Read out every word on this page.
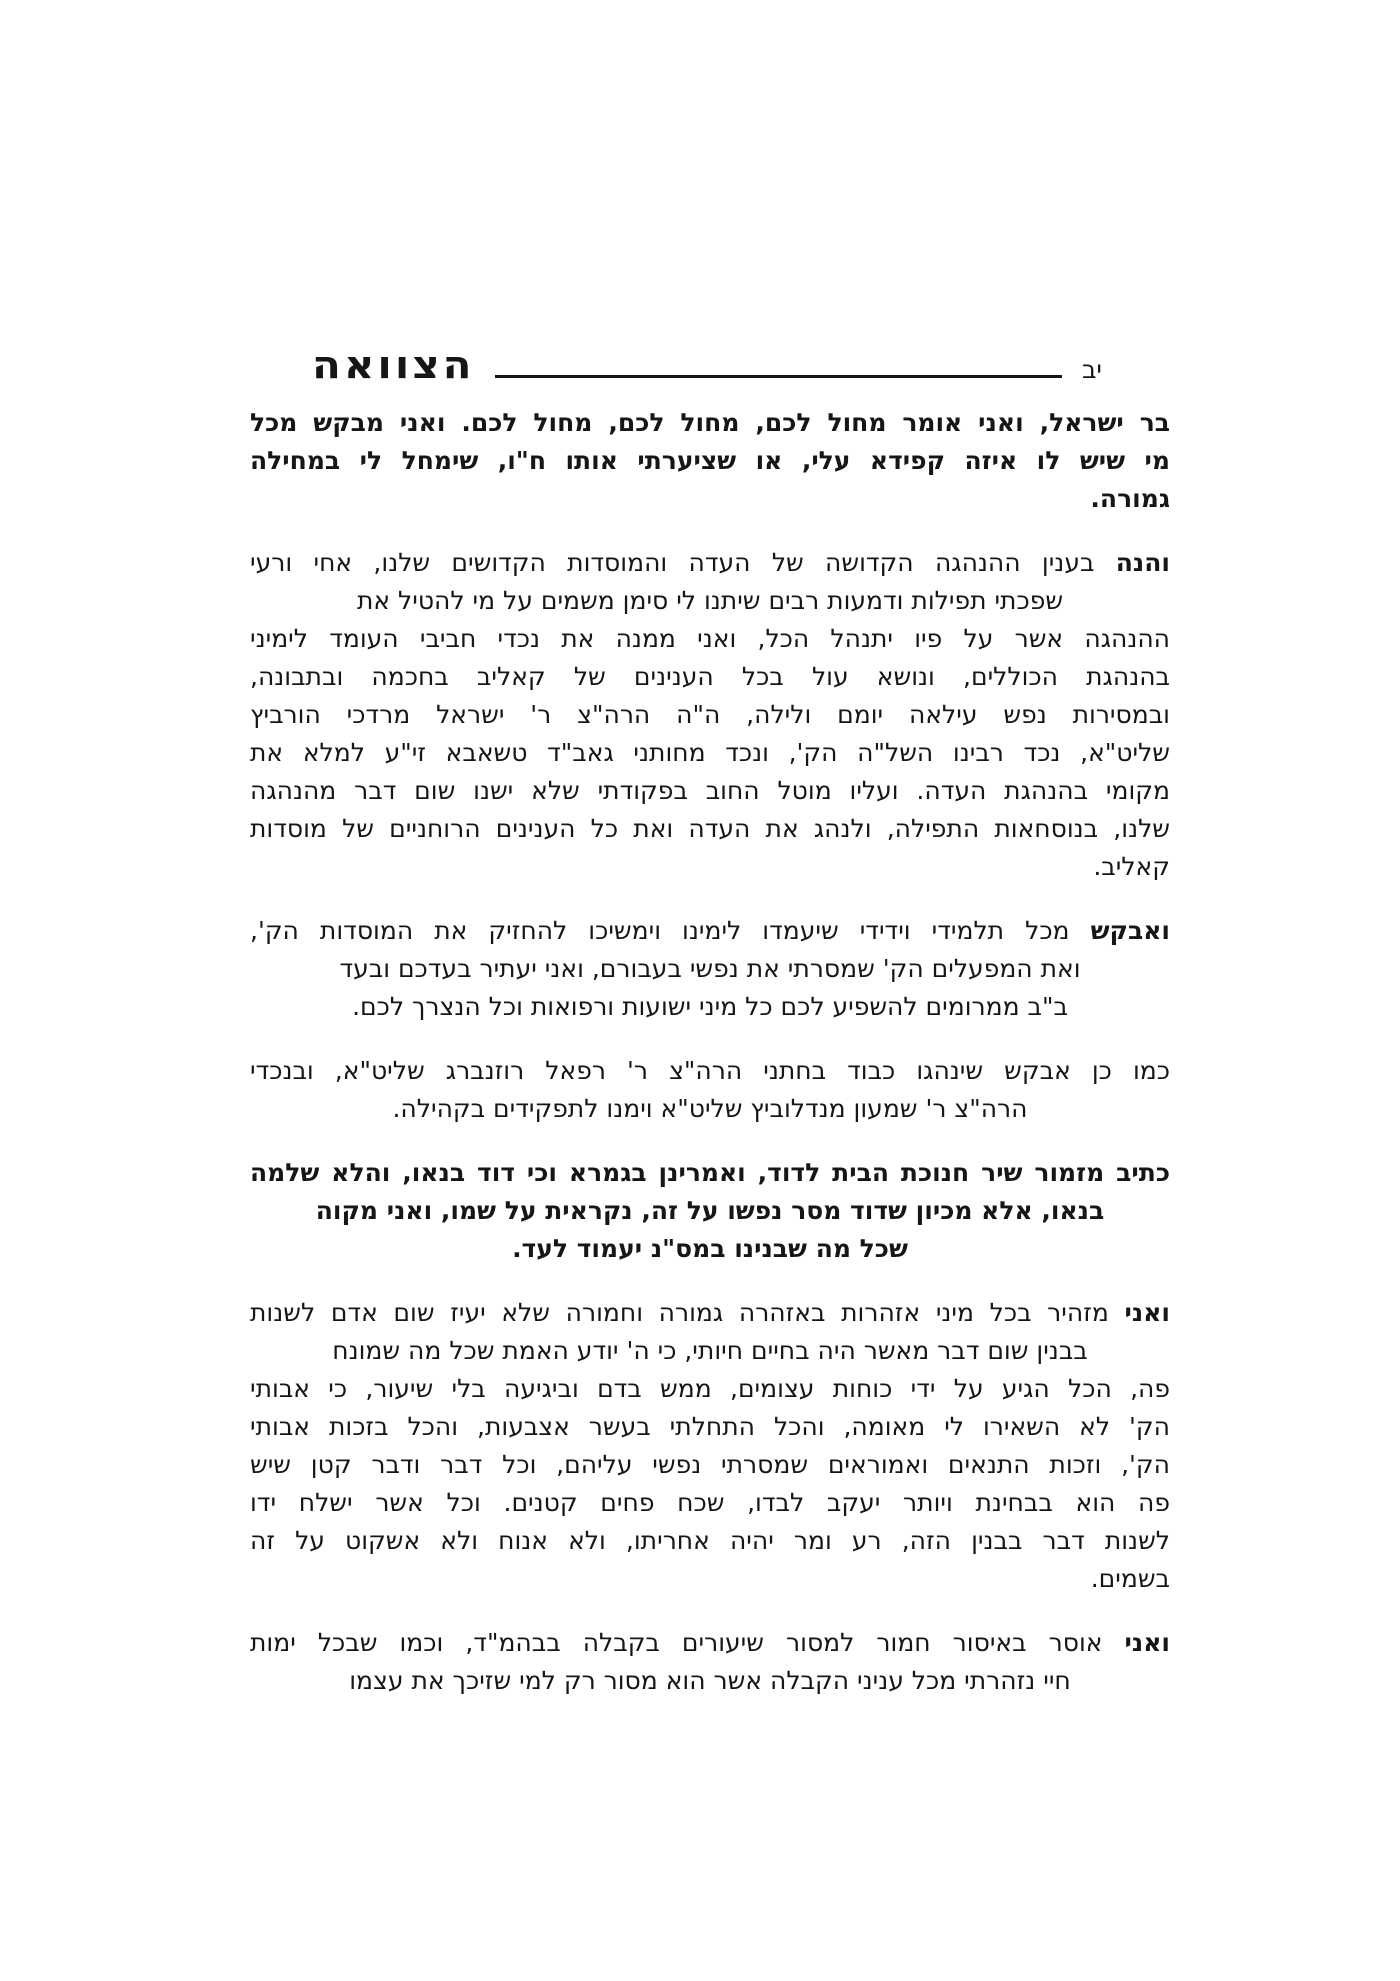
הצוואה	יב
בר ישראל, ואני אומר מחול לכם, מחול לכם, מחול לכם. ואני מבקש מכל
מי שיש לו איזה קפידא עלי, או שציערתי אותו ח"ו, שימחל לי במחילה
גמורה.
והנה בענין ההנהגה הקדושה של העדה והמוסדות הקדושים שלנו, אחי ורעי
שפכתי תפילות ודמעות רבים שיתנו לי סימן משמים על מי להטיל את
ההנהגה אשר על פיו יתנהל הכל, ואני ממנה את נכדי חביבי העומד לימיני
בהנהגת הכוללים, ונושא עול בכל הענינים של קאליב בחכמה ובתבונה,
ובמסירות נפש עילאה יומם ולילה, ה"ה הרה"צ ר' ישראל מרדכי הורביץ
שליט"א, נכד רבינו השל"ה הק', ונכד מחותני גאב"ד טשאבא זי"ע למלא את
מקומי בהנהגת העדה. ועליו מוטל החוב בפקודתי שלא ישנו שום דבר מהנהגה
שלנו, בנוסחאות התפילה, ולנהג את העדה ואת כל הענינים הרוחניים של מוסדות
קאליב.
ואבקש מכל תלמידי וידידי שיעמדו לימינו וימשיכו להחזיק את המוסדות הק',
ואת המפעלים הק' שמסרתי את נפשי בעבורם, ואני יעתיר בעדכם ובעד
ב"ב ממרומים להשפיע לכם כל מיני ישועות ורפואות וכל הנצרך לכם.
כמו כן אבקש שינהגו כבוד בחתני הרה"צ ר' רפאל רוזנברג שליט"א, ובנכדי
הרה"צ ר' שמעון מנדלוביץ שליט"א וימנו לתפקידים בקהילה.
כתיב מזמור שיר חנוכת הבית לדוד, ואמרינן בגמרא וכי דוד בנאו, והלא שלמה
בנאו, אלא מכיון שדוד מסר נפשו על זה, נקראית על שמו, ואני מקוה
שכל מה שבנינו במס"נ יעמוד לעד.
ואני מזהיר בכל מיני אזהרות באזהרה גמורה וחמורה שלא יעיז שום אדם לשנות
בבנין שום דבר מאשר היה בחיים חיותי, כי ה' יודע האמת שכל מה שמונח
פה, הכל הגיע על ידי כוחות עצומים, ממש בדם וביגיעה בלי שיעור, כי אבותי
הק' לא השאירו לי מאומה, והכל התחלתי בעשר אצבעות, והכל בזכות אבותי
הק', וזכות התנאים ואמוראים שמסרתי נפשי עליהם, וכל דבר ודבר קטן שיש
פה הוא בבחינת ויותר יעקב לבדו, שכח פחים קטנים. וכל אשר ישלח ידו
לשנות דבר בבנין הזה, רע ומר יהיה אחריתו, ולא אנוח ולא אשקוט על זה
בשמים.
ואני אוסר באיסור חמור למסור שיעורים בקבלה בבהמ"ד, וכמו שבכל ימות
חיי נזהרתי מכל עניני הקבלה אשר הוא מסור רק למי שזיכך את עצמו
